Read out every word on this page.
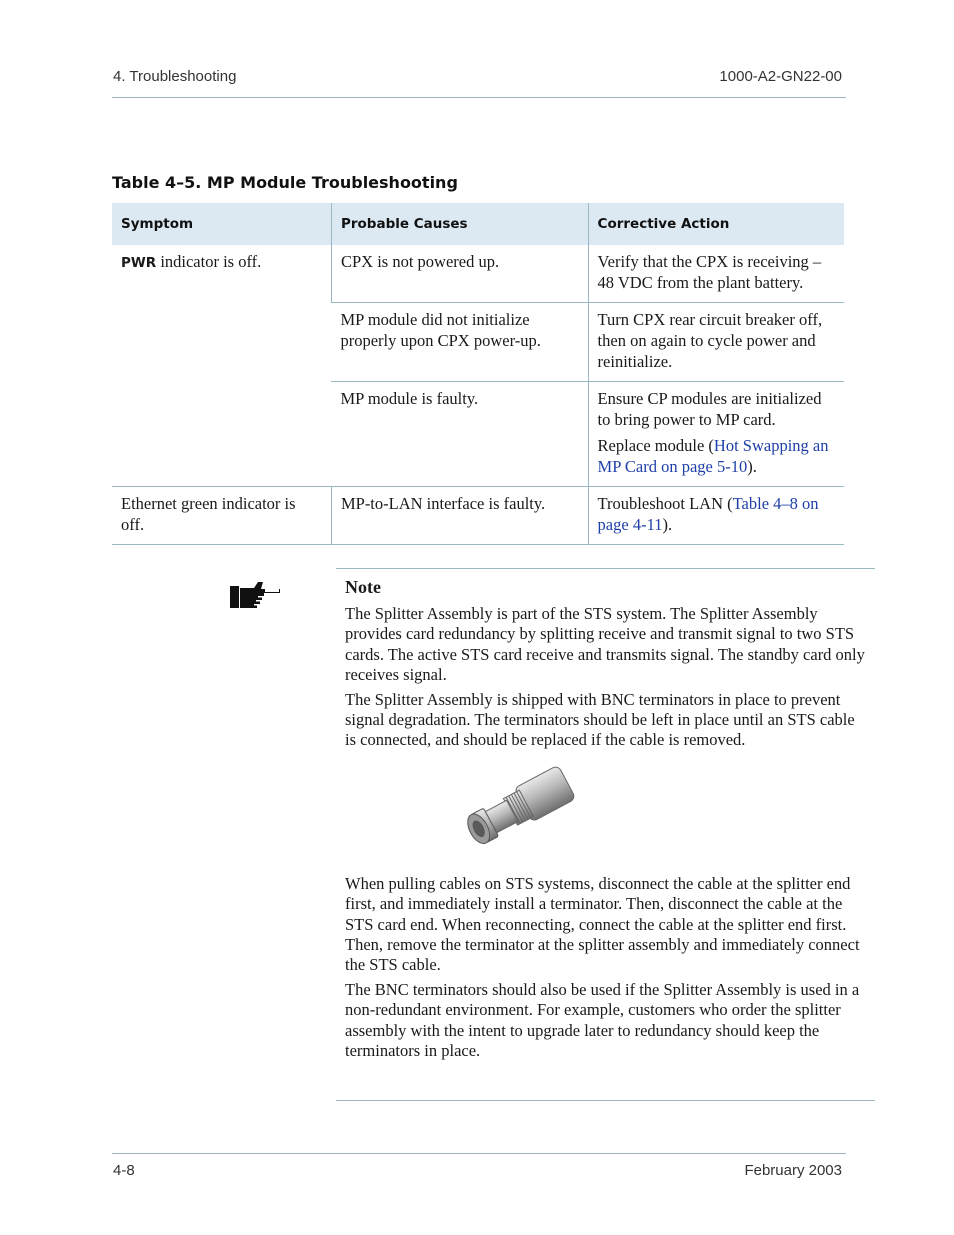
4. Troubleshooting	1000-A2-GN22-00
Table 4–5. MP Module Troubleshooting
Symptom	Probable Causes	Corrective Action
PWR indicator is off.	CPX is not powered up.	Verify that the CPX is receiving –48 VDC from the plant battery.
	MP module did not initialize properly upon CPX power-up.	Turn CPX rear circuit breaker off, then on again to cycle power and reinitialize.
	MP module is faulty.	Ensure CP modules are initialized to bring power to MP card.

Replace module (Hot Swapping an MP Card on page 5-10).

Ethernet green indicator is off.	MP-to-LAN interface is faulty.	Troubleshoot LAN (Table 4–8 on page 4-11).
Note

The Splitter Assembly is part of the STS system. The Splitter Assembly provides card redundancy by splitting receive and transmit signal to two STS cards. The active STS card receive and transmits signal. The standby card only receives signal.

The Splitter Assembly is shipped with BNC terminators in place to prevent signal degradation. The terminators should be left in place until an STS cable is connected, and should be replaced if the cable is removed.

When pulling cables on STS systems, disconnect the cable at the splitter end first, and immediately install a terminator. Then, disconnect the cable at the STS card end. When reconnecting, connect the cable at the splitter end first. Then, remove the terminator at the splitter assembly and immediately connect the STS cable.

The BNC terminators should also be used if the Splitter Assembly is used in a non-redundant environment. For example, customers who order the splitter assembly with the intent to upgrade later to redundancy should keep the terminators in place.

4-8	February 2003
